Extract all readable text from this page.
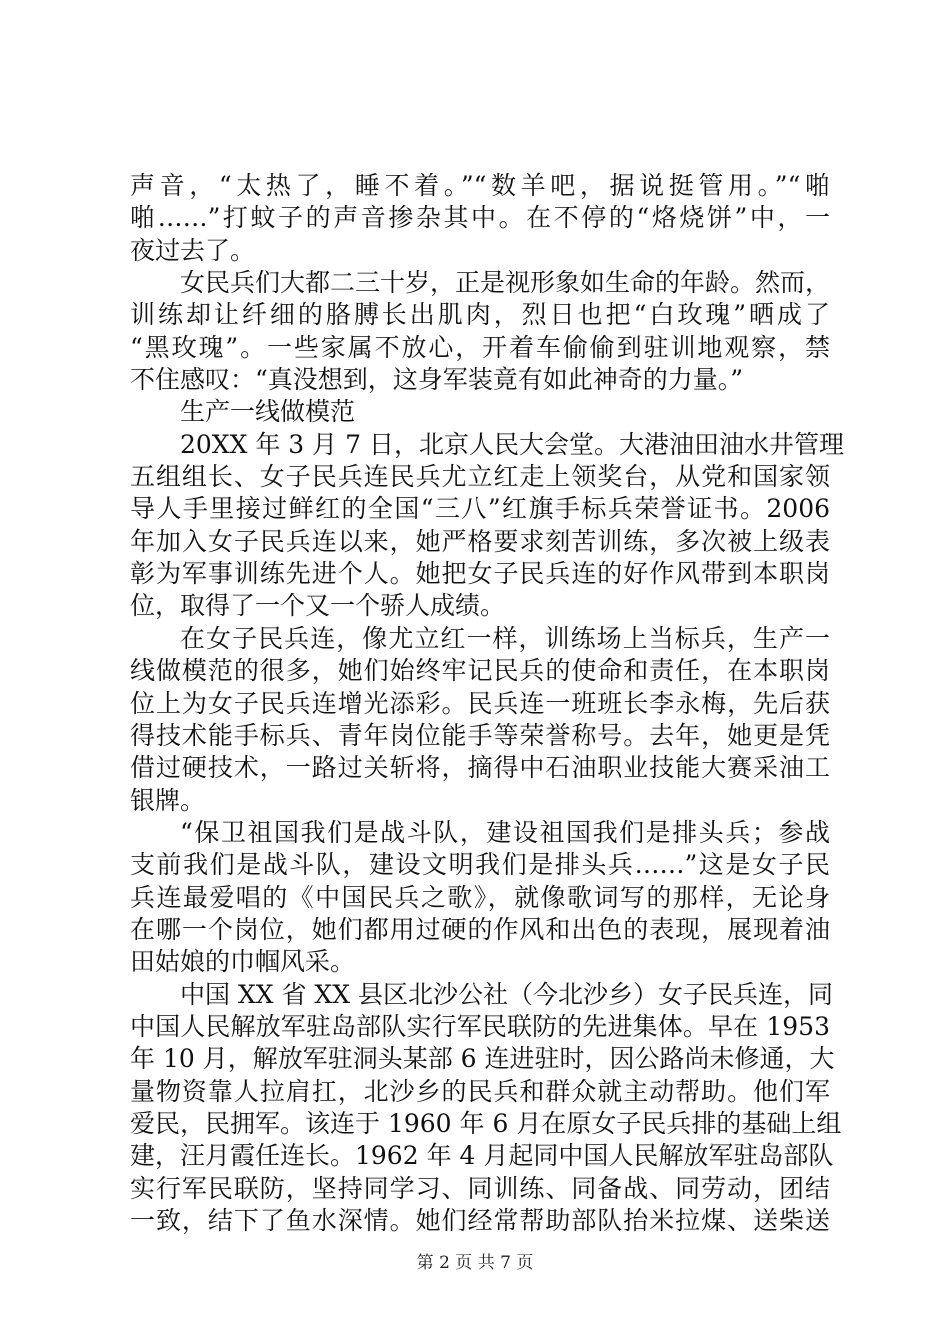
声音，“太热了，睡不着。”“数羊吧，据说挺管用。”“啪
啪……”打蚊子的声音掺杂其中。在不停的“烙烧饼”中，一
夜过去了。
女民兵们大都二三十岁，正是视形象如生命的年龄。然而，
训练却让纤细的胳膊长出肌肉，烈日也把“白玫瑰”晒成了
“黑玫瑰”。一些家属不放心，开着车偷偷到驻训地观察，禁
不住感叹：“真没想到，这身军装竟有如此神奇的力量。”
生产一线做模范
20XX 年 3 月 7 日，北京人民大会堂。大港油田油水井管理
五组组长、女子民兵连民兵尤立红走上领奖台，从党和国家领
导人手里接过鲜红的全国“三八”红旗手标兵荣誉证书。2006
年加入女子民兵连以来，她严格要求刻苦训练，多次被上级表
彰为军事训练先进个人。她把女子民兵连的好作风带到本职岗
位，取得了一个又一个骄人成绩。
在女子民兵连，像尤立红一样，训练场上当标兵，生产一
线做模范的很多，她们始终牢记民兵的使命和责任，在本职岗
位上为女子民兵连增光添彩。民兵连一班班长李永梅，先后获
得技术能手标兵、青年岗位能手等荣誉称号。去年，她更是凭
借过硬技术，一路过关斩将，摘得中石油职业技能大赛采油工
银牌。
“保卫祖国我们是战斗队，建设祖国我们是排头兵；参战
支前我们是战斗队，建设文明我们是排头兵……”这是女子民
兵连最爱唱的《中国民兵之歌》，就像歌词写的那样，无论身
在哪一个岗位，她们都用过硬的作风和出色的表现，展现着油
田姑娘的巾帼风采。
中国 XX 省 XX 县区北沙公社（今北沙乡）女子民兵连，同
中国人民解放军驻岛部队实行军民联防的先进集体。早在 1953
年 10 月，解放军驻洞头某部 6 连进驻时，因公路尚未修通，大
量物资靠人拉肩扛，北沙乡的民兵和群众就主动帮助。他们军
爱民，民拥军。该连于 1960 年 6 月在原女子民兵排的基础上组
建，汪月霞任连长。1962 年 4 月起同中国人民解放军驻岛部队
实行军民联防，坚持同学习、同训练、同备战、同劳动，团结
一致，结下了鱼水深情。她们经常帮助部队抬米拉煤、送柴送
第 2 页 共 7 页
